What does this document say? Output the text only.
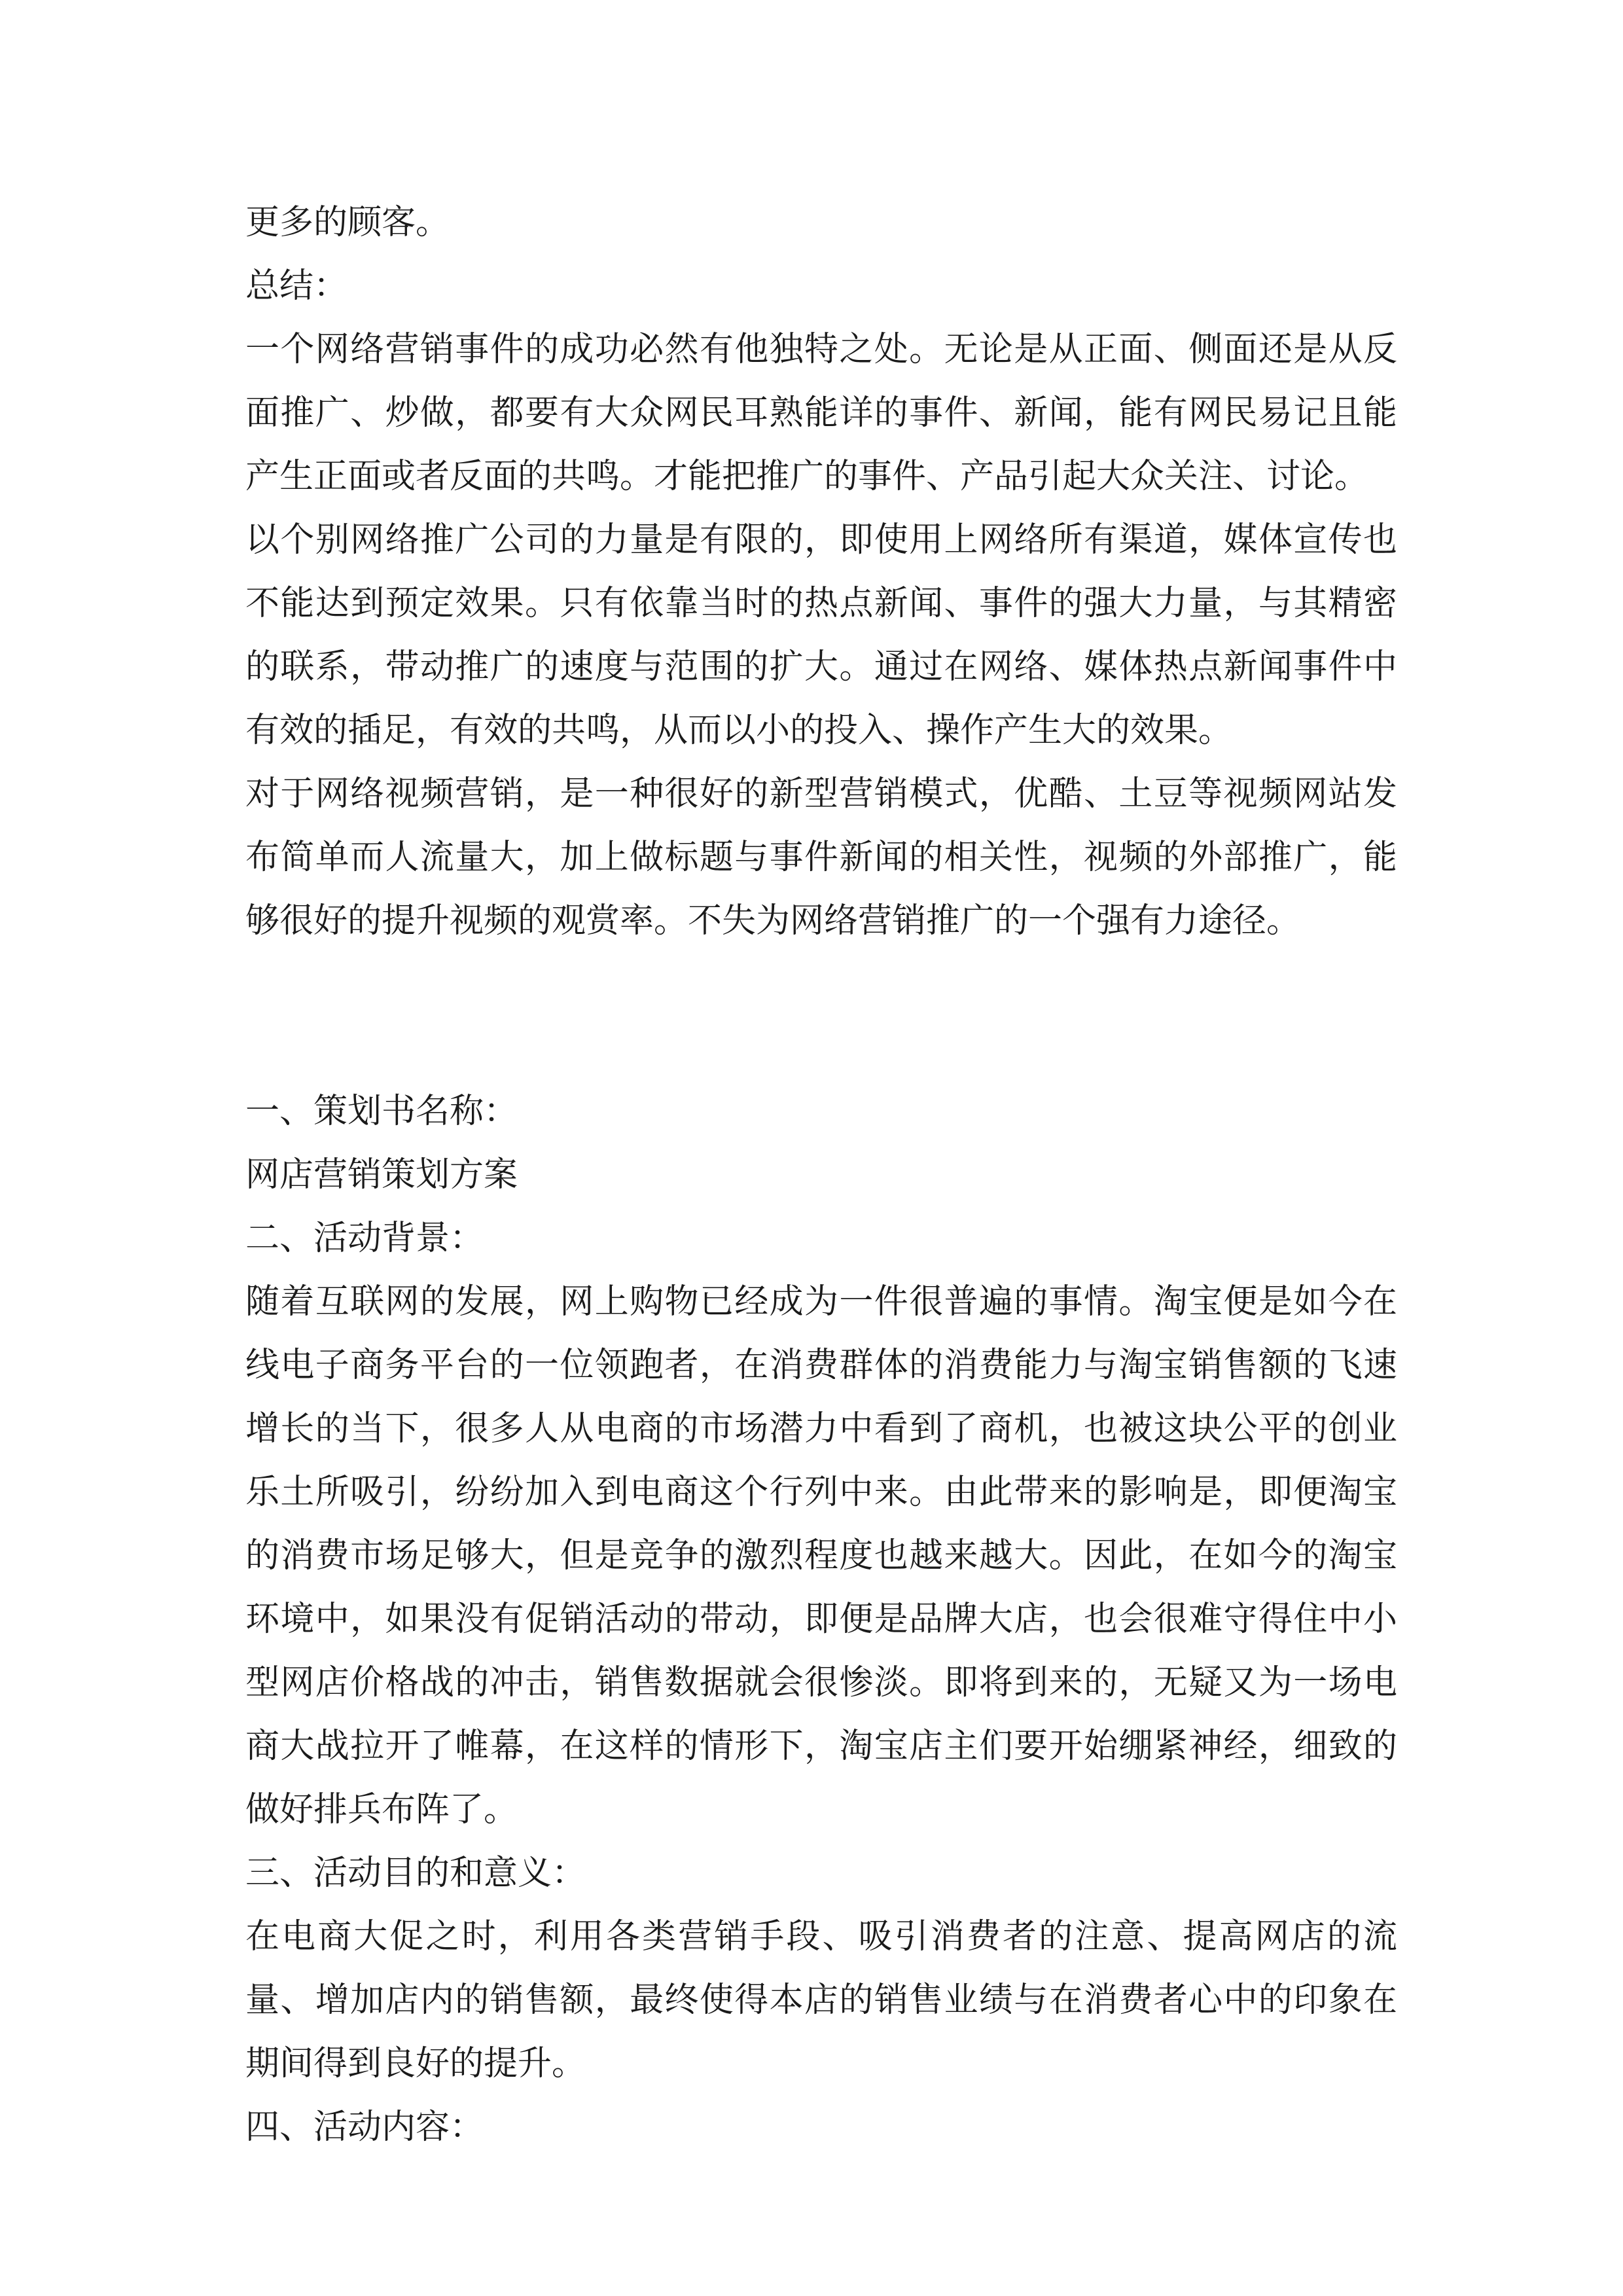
更多的顾客。

总结：

一个网络营销事件的成功必然有他独特之处。无论是从正面、侧面还是从反面推广、炒做，都要有大众网民耳熟能详的事件、新闻，能有网民易记且能产生正面或者反面的共鸣。才能把推广的事件、产品引起大众关注、讨论。

以个别网络推广公司的力量是有限的，即使用上网络所有渠道，媒体宣传也不能达到预定效果。只有依靠当时的热点新闻、事件的强大力量，与其精密的联系，带动推广的速度与范围的扩大。通过在网络、媒体热点新闻事件中有效的插足，有效的共鸣，从而以小的投入、操作产生大的效果。

对于网络视频营销，是一种很好的新型营销模式，优酷、土豆等视频网站发布简单而人流量大，加上做标题与事件新闻的相关性，视频的外部推广，能够很好的提升视频的观赏率。不失为网络营销推广的一个强有力途径。

一、策划书名称：

网店营销策划方案

二、活动背景：

随着互联网的发展，网上购物已经成为一件很普遍的事情。淘宝便是如今在线电子商务平台的一位领跑者，在消费群体的消费能力与淘宝销售额的飞速增长的当下，很多人从电商的市场潜力中看到了商机，也被这块公平的创业乐土所吸引，纷纷加入到电商这个行列中来。由此带来的影响是，即便淘宝的消费市场足够大，但是竞争的激烈程度也越来越大。因此，在如今的淘宝环境中，如果没有促销活动的带动，即便是品牌大店，也会很难守得住中小型网店价格战的冲击，销售数据就会很惨淡。即将到来的，无疑又为一场电商大战拉开了帷幕，在这样的情形下，淘宝店主们要开始绷紧神经，细致的做好排兵布阵了。

三、活动目的和意义：

在电商大促之时，利用各类营销手段、吸引消费者的注意、提高网店的流量、增加店内的销售额，最终使得本店的销售业绩与在消费者心中的印象在期间得到良好的提升。

四、活动内容：
